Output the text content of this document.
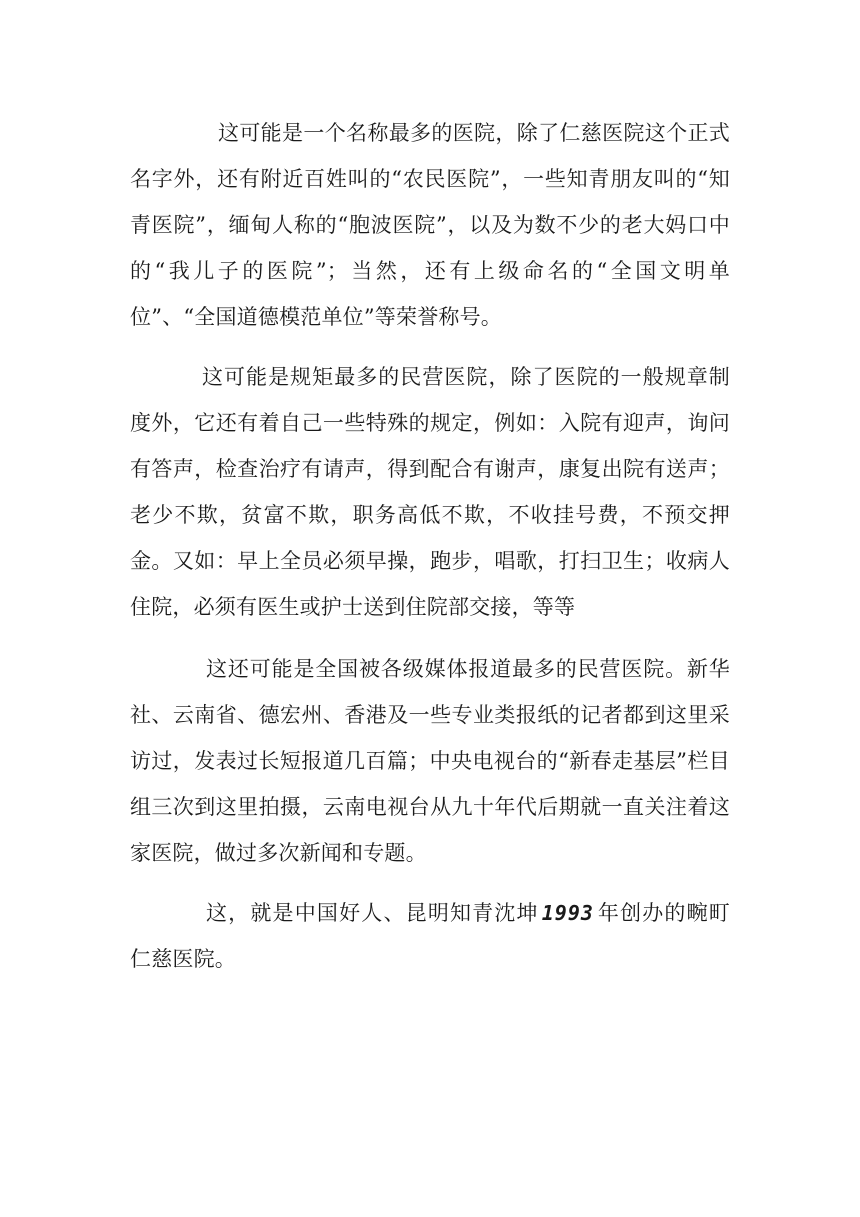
这可能是一个名称最多的医院，除了仁慈医院这个正式名字外，还有附近百姓叫的“农民医院”，一些知青朋友叫的“知青医院”，缅甸人称的“胞波医院”，以及为数不少的老大妈口中的“我儿子的医院”；当然，还有上级命名的“全国文明单位”、“全国道德模范单位”等荣誉称号。

这可能是规矩最多的民营医院，除了医院的一般规章制度外，它还有着自己一些特殊的规定，例如：入院有迎声，询问有答声，检查治疗有请声，得到配合有谢声，康复出院有送声；老少不欺，贫富不欺，职务高低不欺，不收挂号费，不预交押金。又如：早上全员必须早操，跑步，唱歌，打扫卫生；收病人住院，必须有医生或护士送到住院部交接，等等

这还可能是全国被各级媒体报道最多的民营医院。新华社、云南省、德宏州、香港及一些专业类报纸的记者都到这里采访过，发表过长短报道几百篇；中央电视台的“新春走基层”栏目组三次到这里拍摄，云南电视台从九十年代后期就一直关注着这家医院，做过多次新闻和专题。

这，就是中国好人、昆明知青沈坤 1993 年创办的畹町仁慈医院。
